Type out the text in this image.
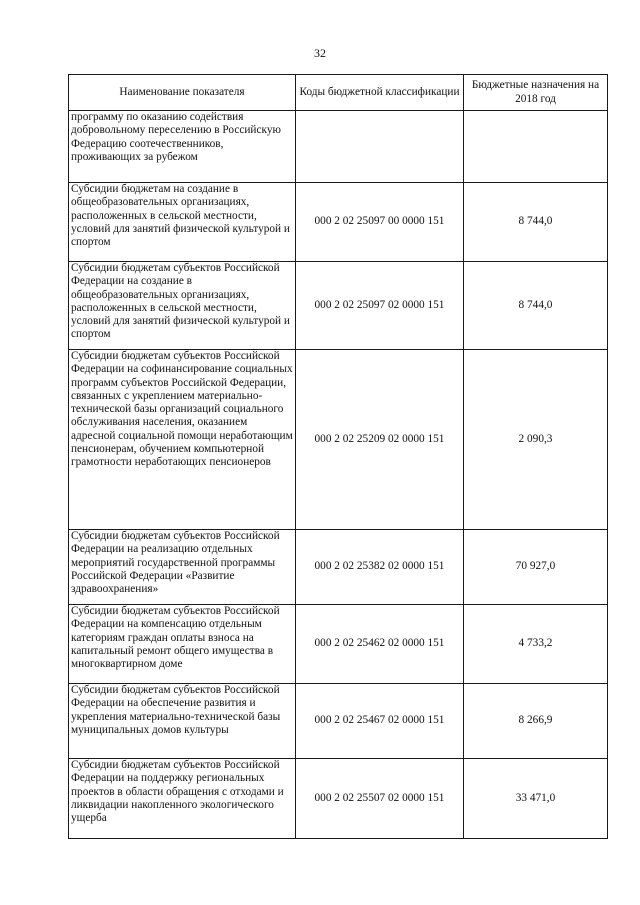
32
Наименование показателя	Коды бюджетной классификации	Бюджетные назначения на 2018 год
программу по оказанию содействия добровольному переселению в Российскую Федерацию соотечественников, проживающих за рубежом		
Субсидии бюджетам на создание в общеобразовательных организациях, расположенных в сельской местности, условий для занятий физической культурой и спортом	000 2 02 25097 00 0000 151	8 744,0
Субсидии бюджетам субъектов Российской Федерации на создание в общеобразовательных организациях, расположенных в сельской местности, условий для занятий физической культурой и спортом	000 2 02 25097 02 0000 151	8 744,0
Субсидии бюджетам субъектов Российской Федерации на софинансирование социальных программ субъектов Российской Федерации, связанных с укреплением материально-технической базы организаций социального обслуживания населения, оказанием адресной социальной помощи неработающим пенсионерам, обучением компьютерной грамотности неработающих пенсионеров	000 2 02 25209 02 0000 151	2 090,3
Субсидии бюджетам субъектов Российской Федерации на реализацию отдельных мероприятий государственной программы Российской Федерации «Развитие здравоохранения»	000 2 02 25382 02 0000 151	70 927,0
Субсидии бюджетам субъектов Российской Федерации на компенсацию отдельным категориям граждан оплаты взноса на капитальный ремонт общего имущества в многоквартирном доме	000 2 02 25462 02 0000 151	4 733,2
Субсидии бюджетам субъектов Российской Федерации на обеспечение развития и укрепления материально-технической базы муниципальных домов культуры	000 2 02 25467 02 0000 151	8 266,9
Субсидии бюджетам субъектов Российской Федерации на поддержку региональных проектов в области обращения с отходами и ликвидации накопленного экологического ущерба	000 2 02 25507 02 0000 151	33 471,0
